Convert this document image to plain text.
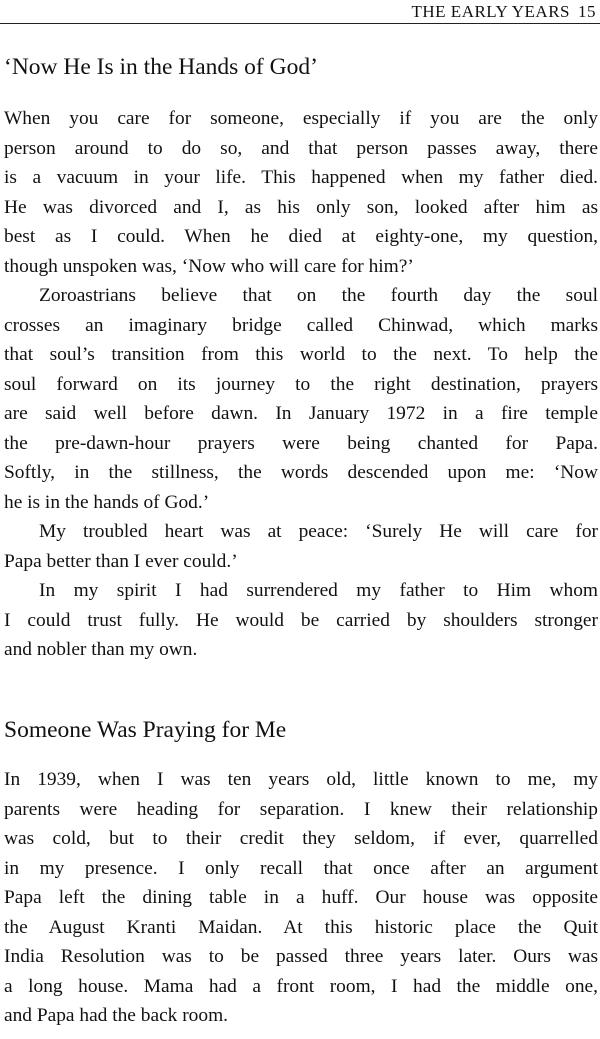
THE EARLY YEARS 15
‘Now He Is in the Hands of God’
When you care for someone, especially if you are the only
person around to do so, and that person passes away, there
is a vacuum in your life. This happened when my father died.
He was divorced and I, as his only son, looked after him as
best as I could. When he died at eighty-one, my question,
though unspoken was, ‘Now who will care for him?’
Zoroastrians believe that on the fourth day the soul
crosses an imaginary bridge called Chinwad, which marks
that soul’s transition from this world to the next. To help the
soul forward on its journey to the right destination, prayers
are said well before dawn. In January 1972 in a fire temple
the pre-dawn-hour prayers were being chanted for Papa.
Softly, in the stillness, the words descended upon me: ‘Now
he is in the hands of God.’
My troubled heart was at peace: ‘Surely He will care for
Papa better than I ever could.’
In my spirit I had surrendered my father to Him whom
I could trust fully. He would be carried by shoulders stronger
and nobler than my own.
Someone Was Praying for Me
In 1939, when I was ten years old, little known to me, my
parents were heading for separation. I knew their relationship
was cold, but to their credit they seldom, if ever, quarrelled
in my presence. I only recall that once after an argument
Papa left the dining table in a huff. Our house was opposite
the August Kranti Maidan. At this historic place the Quit
India Resolution was to be passed three years later. Ours was
a long house. Mama had a front room, I had the middle one,
and Papa had the back room.
